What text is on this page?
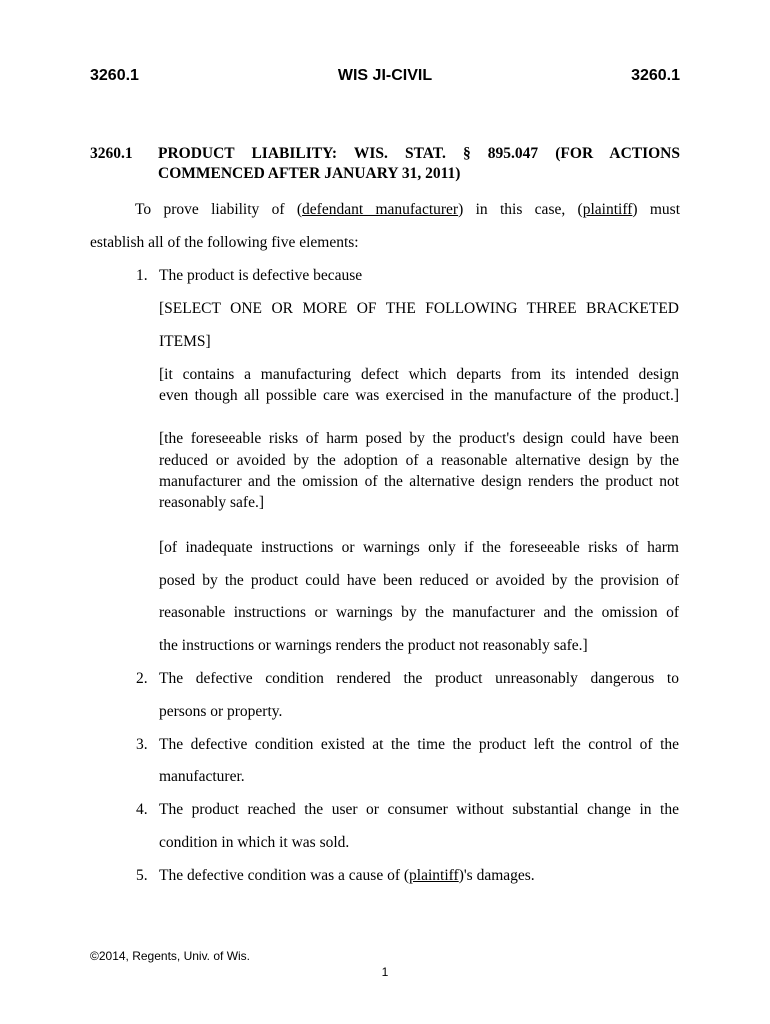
3260.1	WIS JI-CIVIL	3260.1
3260.1 PRODUCT LIABILITY: WIS. STAT. § 895.047 (FOR ACTIONS
COMMENCED AFTER JANUARY 31, 2011)
To prove liability of (defendant manufacturer) in this case, (plaintiff) must
establish all of the following five elements:
1. The product is defective because
[SELECT ONE OR MORE OF THE FOLLOWING THREE BRACKETED
ITEMS]
[it contains a manufacturing defect which departs from its intended design
even though all possible care was exercised in the manufacture of the product.]
[the foreseeable risks of harm posed by the product's design could have been
reduced or avoided by the adoption of a reasonable alternative design by the
manufacturer and the omission of the alternative design renders the product not
reasonably safe.]
[of inadequate instructions or warnings only if the foreseeable risks of harm
posed by the product could have been reduced or avoided by the provision of
reasonable instructions or warnings by the manufacturer and the omission of
the instructions or warnings renders the product not reasonably safe.]
2. The defective condition rendered the product unreasonably dangerous to
persons or property.
3. The defective condition existed at the time the product left the control of the
manufacturer.
4. The product reached the user or consumer without substantial change in the
condition in which it was sold.
5. The defective condition was a cause of (plaintiff)'s damages.
©2014, Regents, Univ. of Wis.
1
